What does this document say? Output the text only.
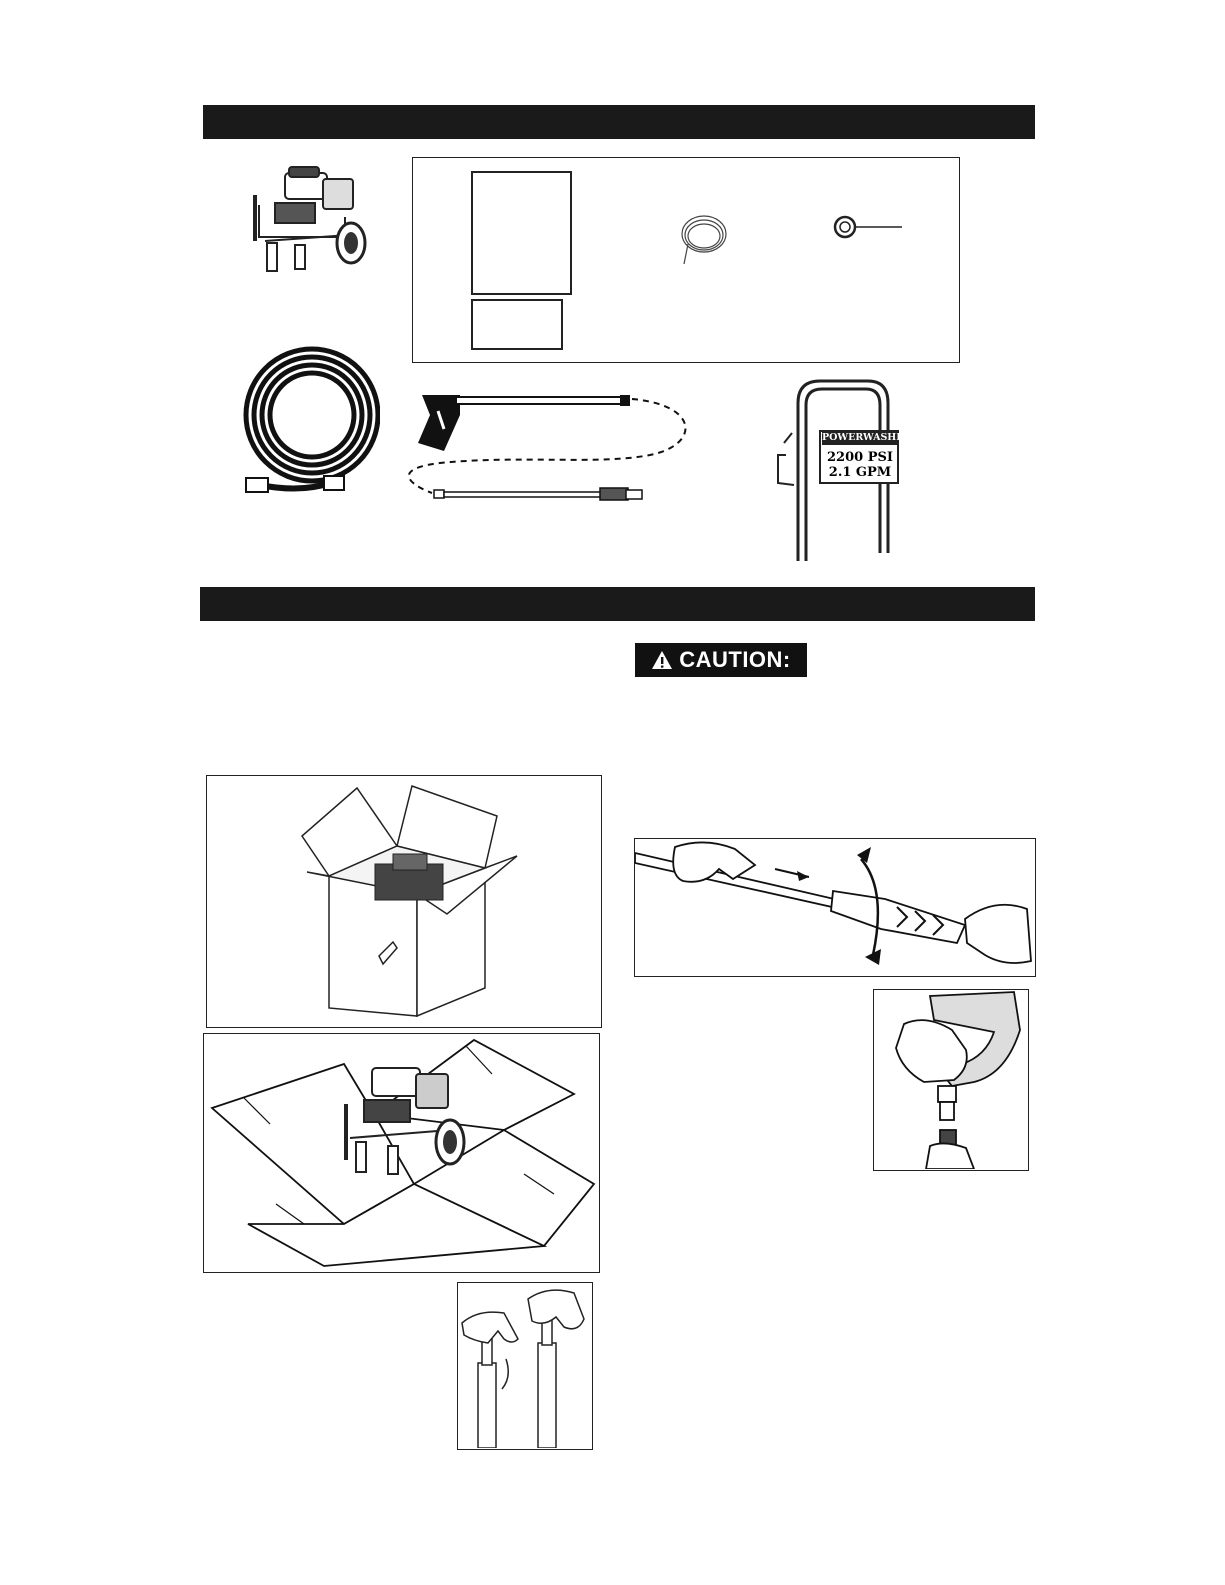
POWERWASHER
2200 PSI
2.1 GPM
CAUTION:
